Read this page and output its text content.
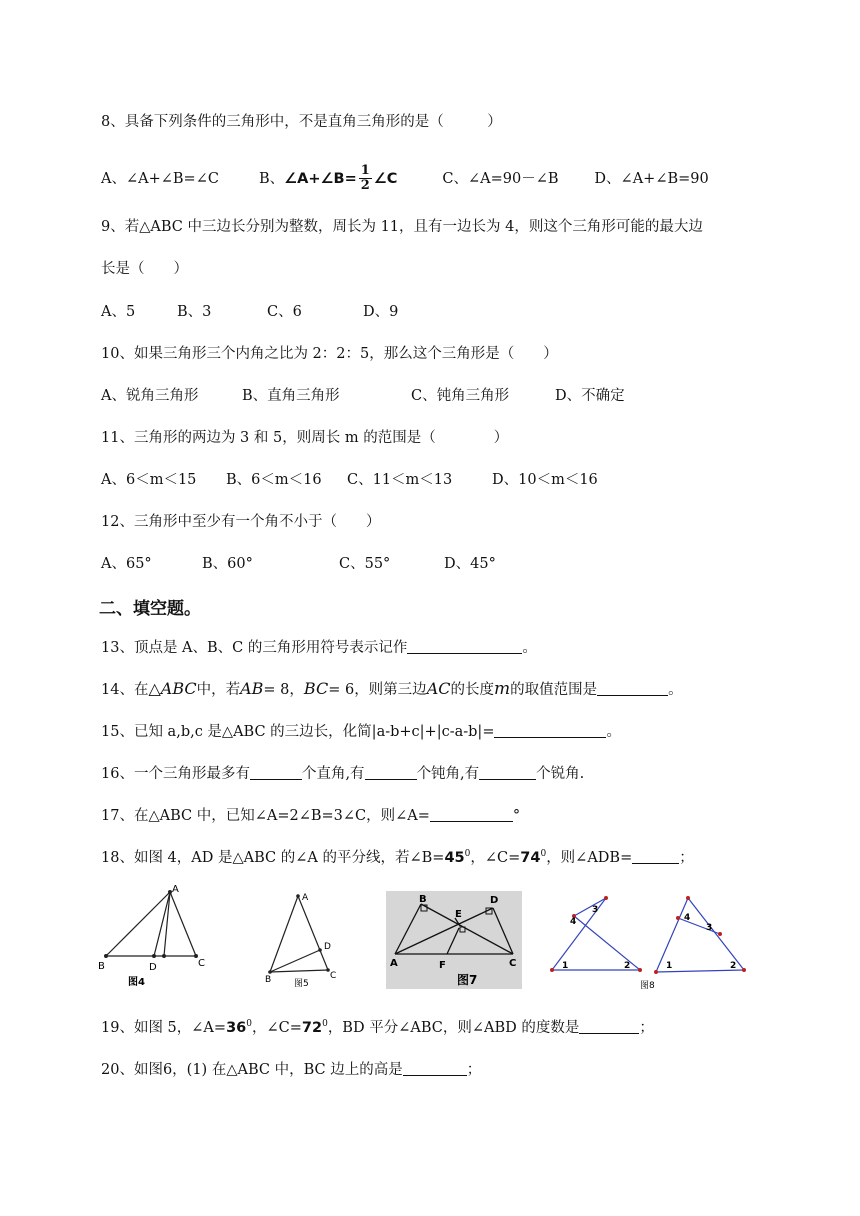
8、具备下列条件的三角形中，不是直角三角形的是（　　　）
A、∠A+∠B=∠C	B、∠A+∠B= $\frac{1}{2}$ ∠C	C、∠A=90－∠B D、∠A+∠B=90
9、若△ABC 中三边长分别为整数，周长为 11，且有一边长为 4，则这个三角形可能的最大边
长是（　　）
A、5	B、3	C、6	D、9
10、如果三角形三个内角之比为 2：2：5，那么这个三角形是（　　）
A、锐角三角形	B、直角三角形	C、钝角三角形	D、不确定
11、三角形的两边为 3 和 5，则周长 m 的范围是（　　　　）
A、6＜m＜15 B、6＜m＜16 C、11＜m＜13	D、10＜m＜16
12、三角形中至少有一个角不小于（　　）
A、65°	B、60°	C、55°	D、45°
二、填空题。
13、顶点是 A、B、C 的三角形用符号表示记作	。
14、在△ABC中，若AB= 8，BC= 6，则第三边AC的长度m的取值范围是	。
15、已知 a,b,c 是△ABC 的三边长，化简|a-b+c|+|c-a-b|=	。
16、一个三角形最多有	个直角,有	个钝角,有	个锐角.
17、在△ABC 中，已知∠A=2∠B=3∠C，则∠A=	°
18、如图 4，AD 是△ABC 的∠A 的平分线，若$\angle B=45^0$，$\angle C=74^0$，则∠ADB=	；
A
B	C
D
图4
A
B	C
D
图5
B
E
D
A	F	C
图7
1	2
3
4
1	2
3
4
图8
19、如图 5，$\angle A=36^0$，$\angle C=72^0$，BD 平分∠ABC，则∠ABD 的度数是	；
20、如图6，(1) 在△ABC 中，BC 边上的高是	；
